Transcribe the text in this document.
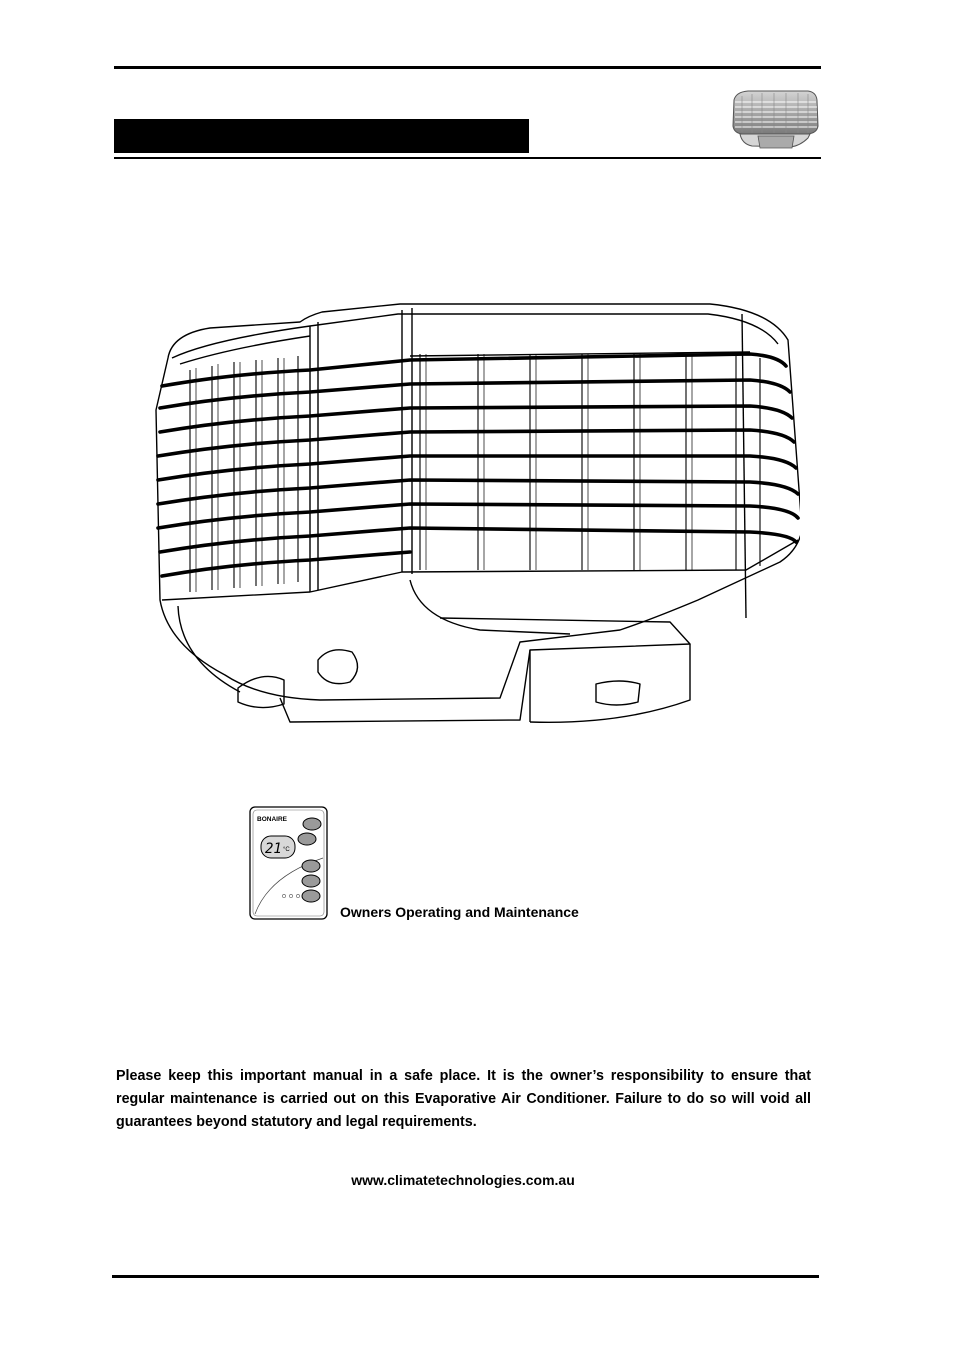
BONAIRE
21 °C
Owners Operating and Maintenance

Please keep this important manual in a safe place. It is the owner’s responsibility to ensure that regular maintenance is carried out on this Evaporative Air Conditioner. Failure to do so will void all guarantees beyond statutory and legal requirements.

www.climatetechnologies.com.au
